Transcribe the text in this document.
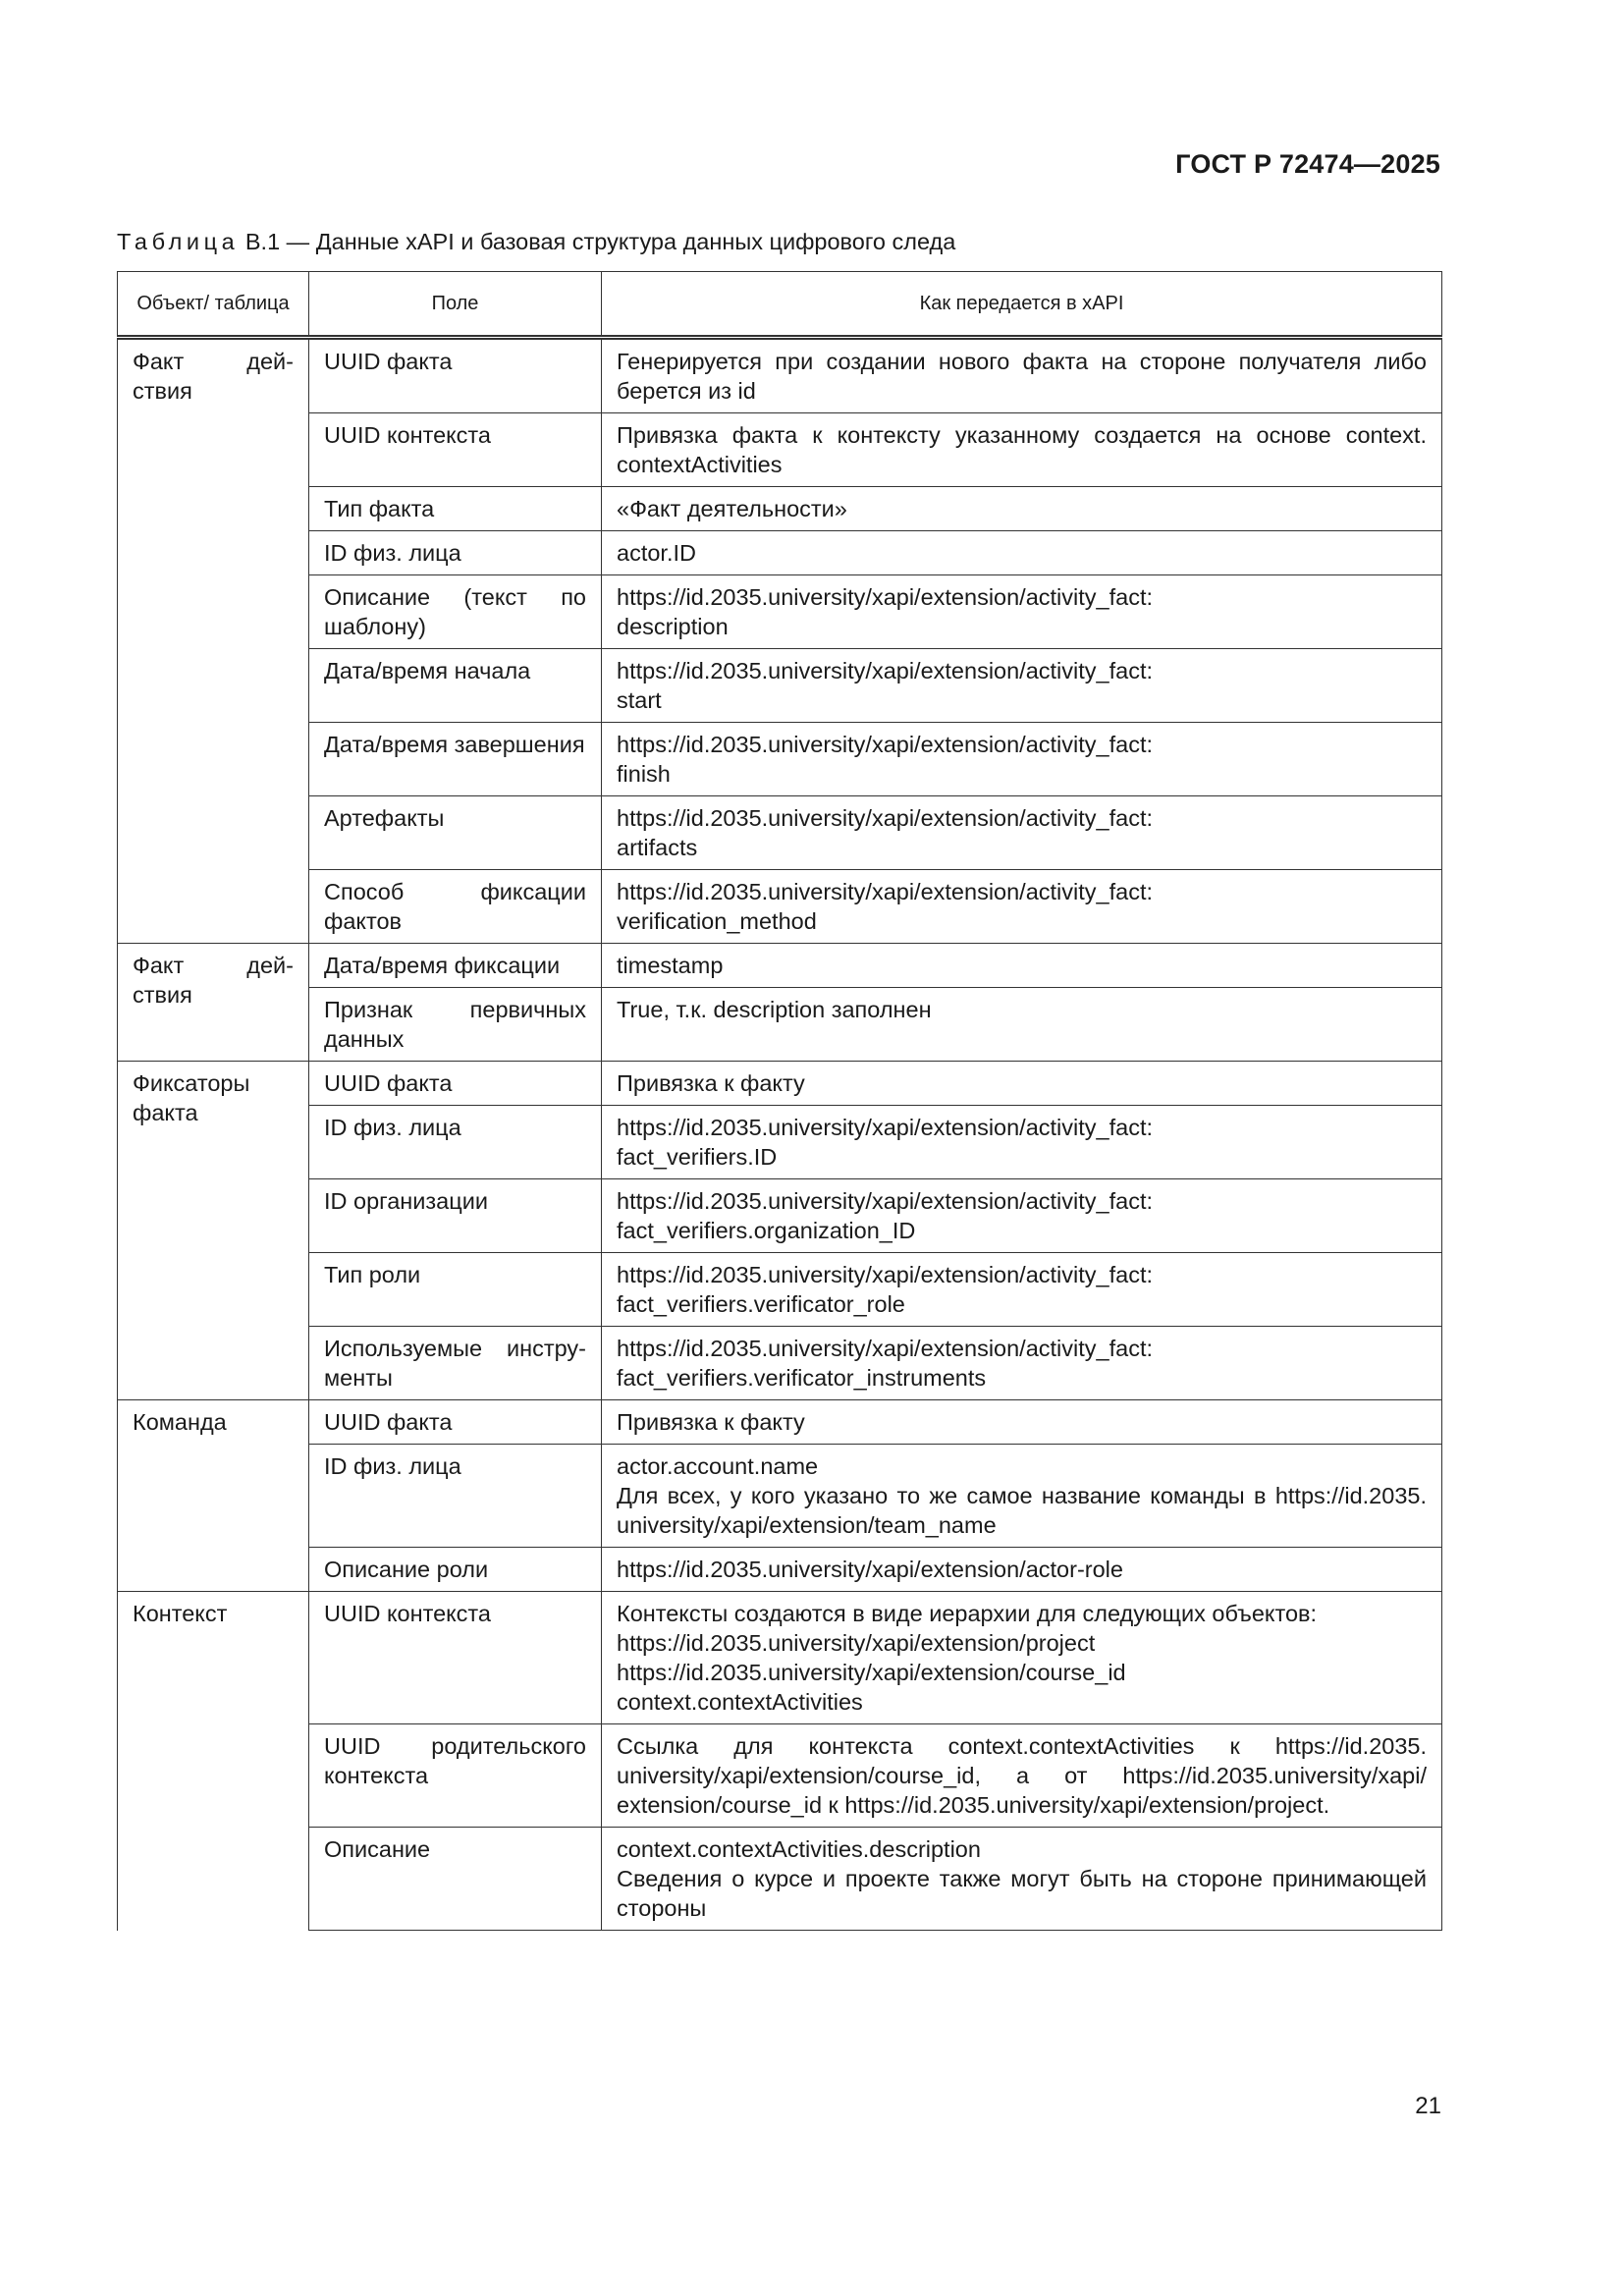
ГОСТ Р 72474—2025
Таблица В.1 — Данные xAPI и базовая структура данных цифрового следа
Объект/ таблица	Поле	Как передается в xAPI
Факт дей- ствия	UUID факта	Генерируется при создании нового факта на стороне получателя либо берется из id

	UUID контекста	Привязка факта к контексту указанному создается на основе context. contextActivities

	Тип факта	«Факт деятельности»

	ID физ. лица	actor.ID

	Описание (текст по шаблону)	https://id.2035.university/xapi/extension/activity_fact:
description

	Дата/время начала	https://id.2035.university/xapi/extension/activity_fact:
start

	Дата/время завершения	https://id.2035.university/xapi/extension/activity_fact:
finish

	Артефакты	https://id.2035.university/xapi/extension/activity_fact:
artifacts

	Способ фиксации фактов	https://id.2035.university/xapi/extension/activity_fact:
verification_method

Факт дей- ствия	Дата/время фиксации	timestamp

	Признак первичных данных	True, т.к. description заполнен

Фиксаторы факта	UUID факта	Привязка к факту

	ID физ. лица	https://id.2035.university/xapi/extension/activity_fact:
fact_verifiers.ID

	ID организации	https://id.2035.university/xapi/extension/activity_fact:
fact_verifiers.organization_ID

	Тип роли	https://id.2035.university/xapi/extension/activity_fact:
fact_verifiers.verificator_role

	Используемые инстру- менты	https://id.2035.university/xapi/extension/activity_fact:
fact_verifiers.verificator_instruments

Команда	UUID факта	Привязка к факту

	ID физ. лица	actor.account.name
Для всех, у кого указано то же самое название команды в https://id.2035. university/xapi/extension/team_name

	Описание роли	https://id.2035.university/xapi/extension/actor-role

Контекст	UUID контекста	Контексты создаются в виде иерархии для следующих объектов:
https://id.2035.university/xapi/extension/project
https://id.2035.university/xapi/extension/course_id
context.contextActivities

	UUID родительского контекста	Ссылка для контекста context.contextActivities к https://id.2035. university/xapi/extension/course_id, а от https://id.2035.university/xapi/ extension/course_id к https://id.2035.university/xapi/extension/project.

	Описание	context.contextActivities.description
Сведения о курсе и проекте также могут быть на стороне принимающей стороны
21
